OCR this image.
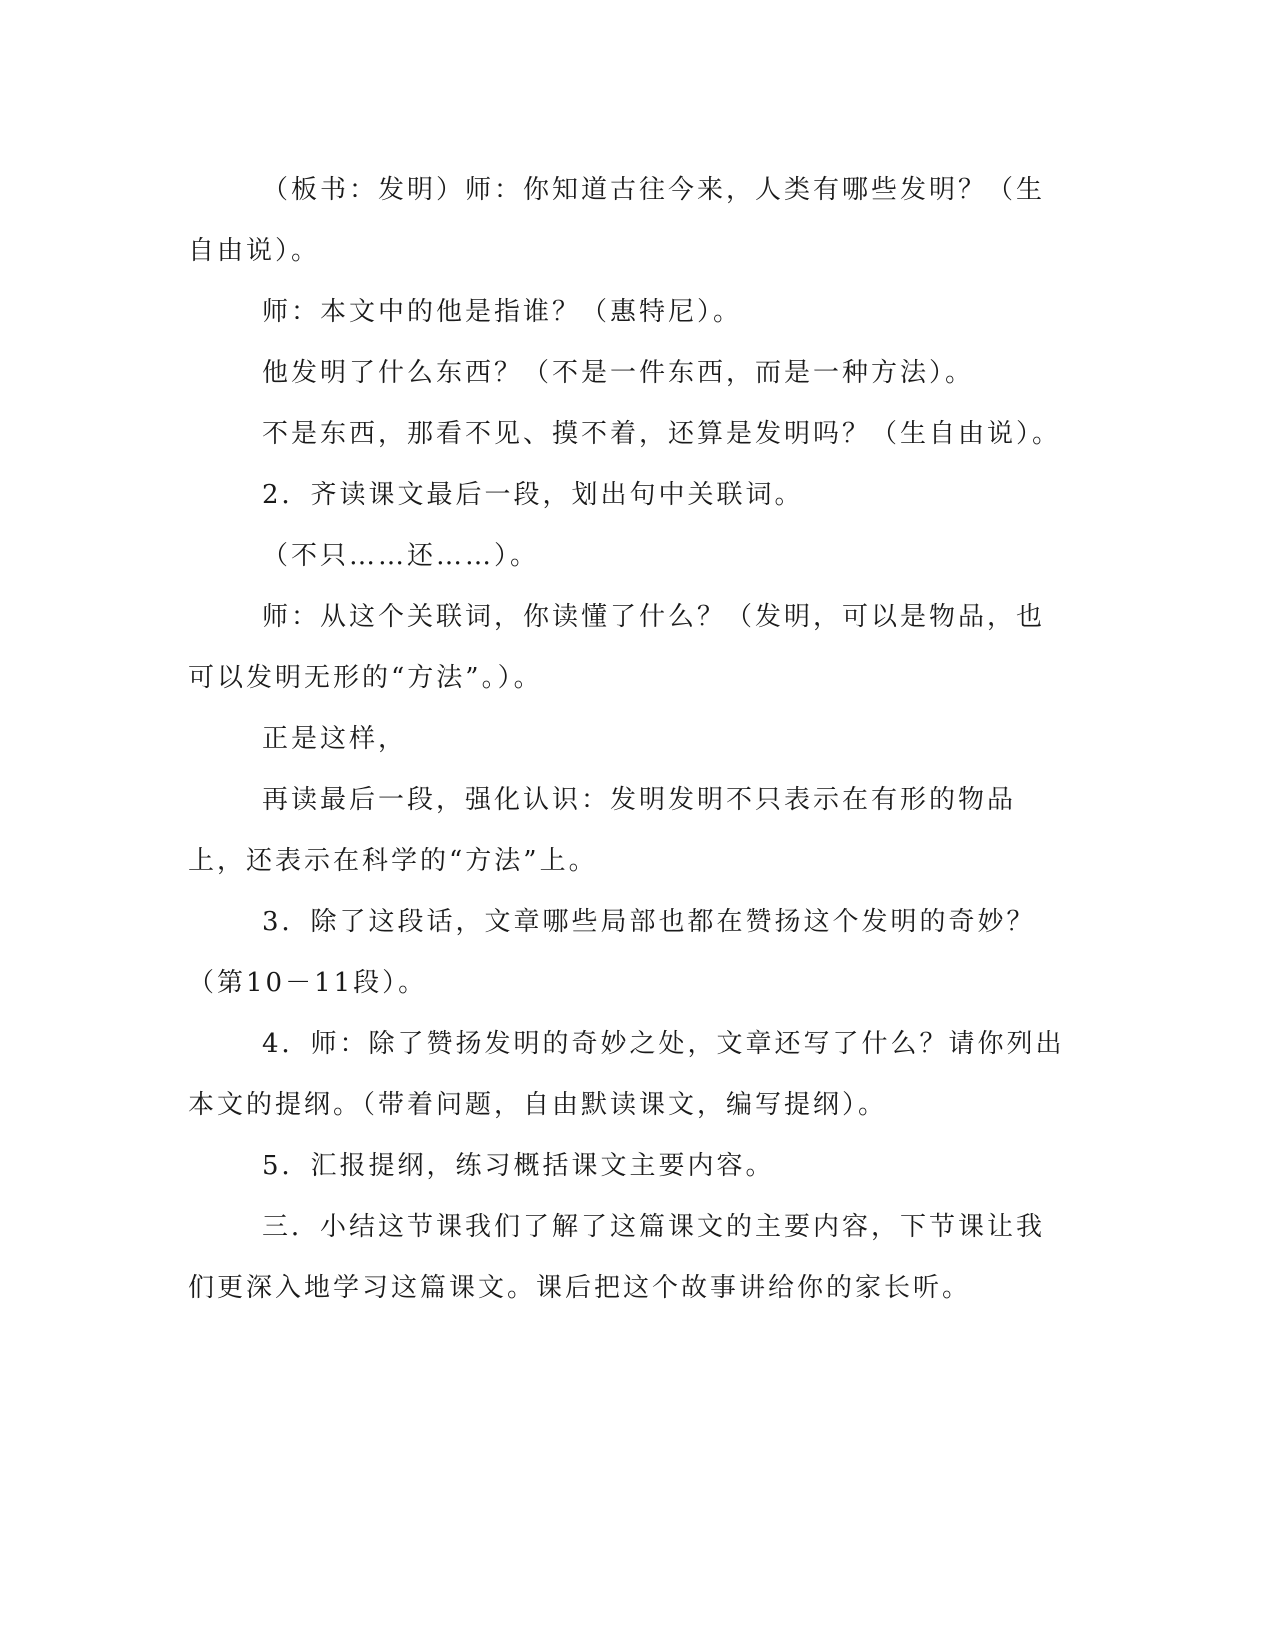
（板书：发明）师：你知道古往今来，人类有哪些发明？（生自由说）。

师：本文中的他是指谁？（惠特尼）。

他发明了什么东西？（不是一件东西，而是一种方法）。

不是东西，那看不见、摸不着，还算是发明吗？（生自由说）。

2．齐读课文最后一段，划出句中关联词。

（不只……还……）。

师：从这个关联词，你读懂了什么？（发明，可以是物品，也可以发明无形的“方法”。）。

正是这样，

再读最后一段，强化认识：发明发明不只表示在有形的物品上，还表示在科学的“方法”上。

3．除了这段话，文章哪些局部也都在赞扬这个发明的奇妙？（第10－11段）。

4．师：除了赞扬发明的奇妙之处，文章还写了什么？请你列出本文的提纲。（带着问题，自由默读课文，编写提纲）。

5．汇报提纲，练习概括课文主要内容。

三．小结这节课我们了解了这篇课文的主要内容，下节课让我们更深入地学习这篇课文。课后把这个故事讲给你的家长听。
